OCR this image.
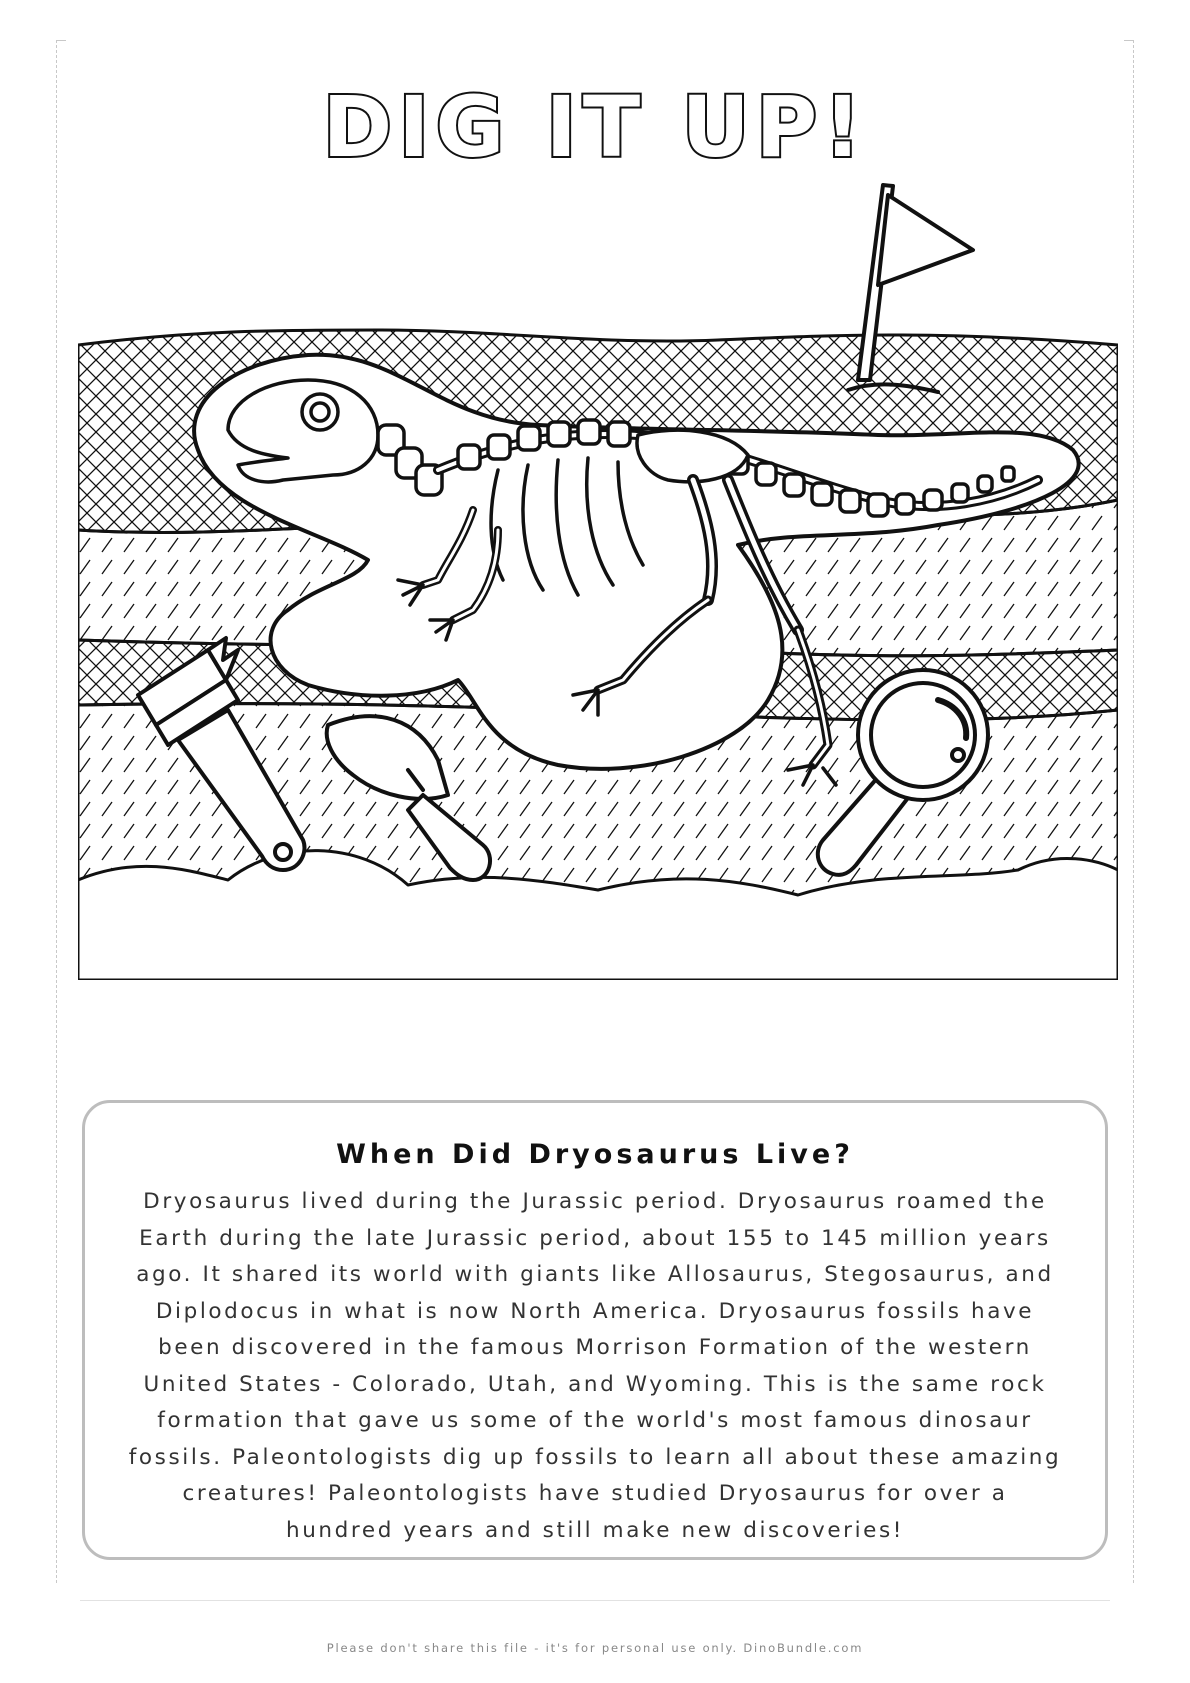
DIG IT UP!
When Did Dryosaurus Live?

Dryosaurus lived during the Jurassic period. Dryosaurus roamed the Earth during the late Jurassic period, about 155 to 145 million years ago. It shared its world with giants like Allosaurus, Stegosaurus, and Diplodocus in what is now North America. Dryosaurus fossils have been discovered in the famous Morrison Formation of the western United States - Colorado, Utah, and Wyoming. This is the same rock formation that gave us some of the world's most famous dinosaur fossils. Paleontologists dig up fossils to learn all about these amazing creatures! Paleontologists have studied Dryosaurus for over a hundred years and still make new discoveries!

Please don't share this file - it's for personal use only. DinoBundle.com
